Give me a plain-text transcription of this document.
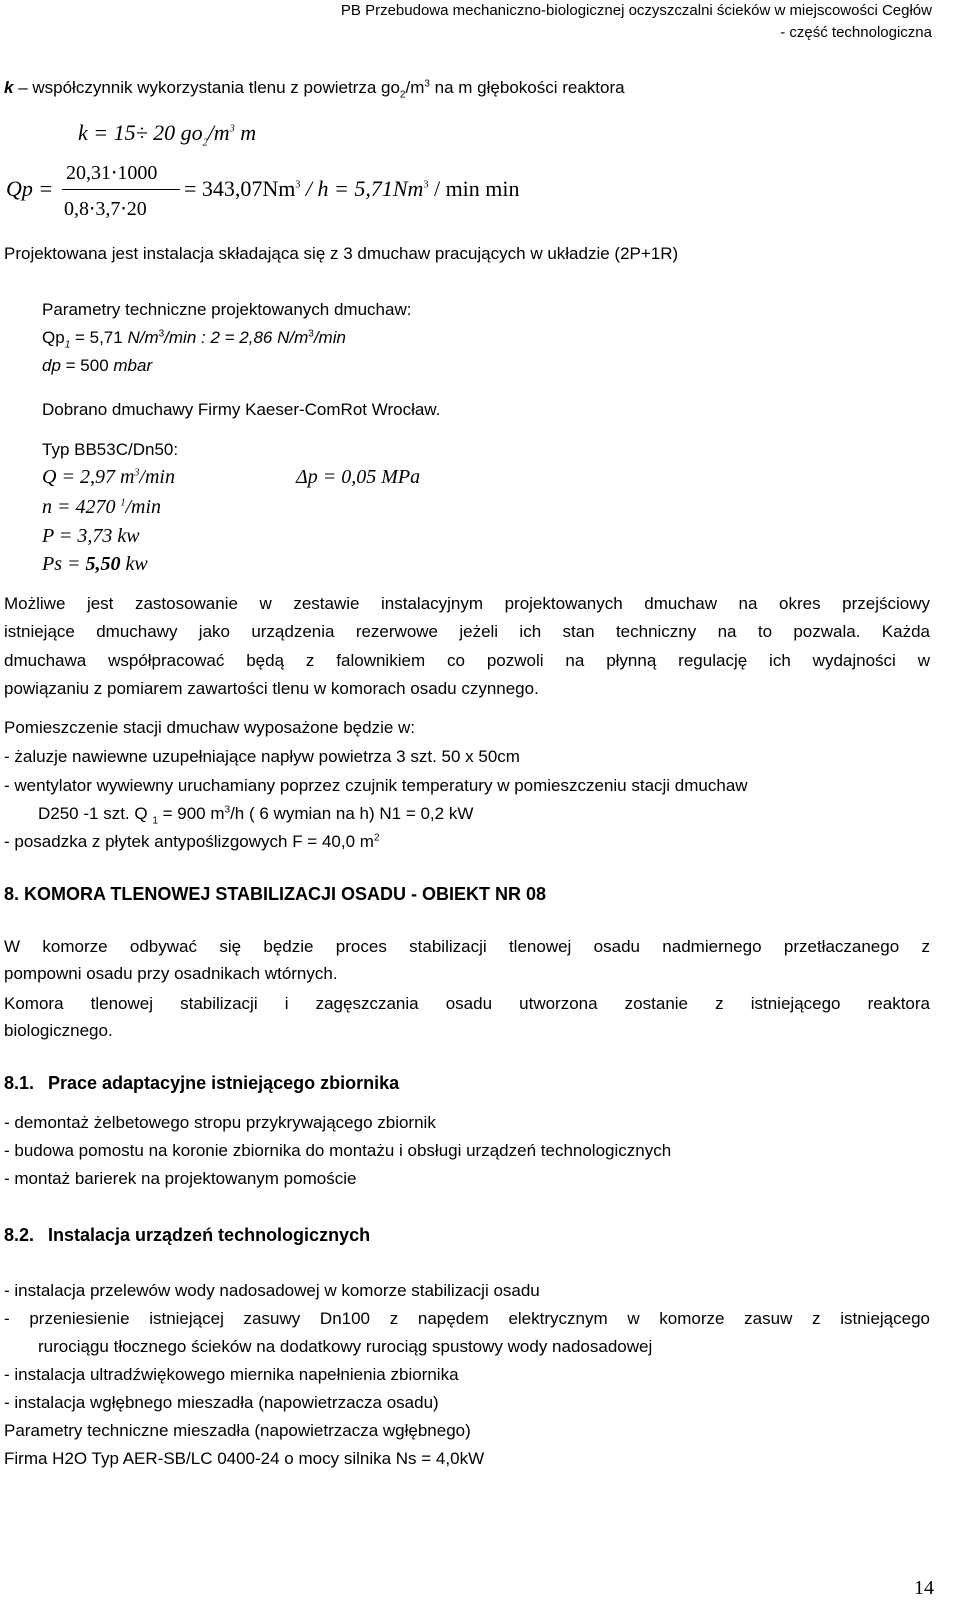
PB Przebudowa mechaniczno-biologicznej oczyszczalni ścieków w miejscowości Cegłów
- część technologiczna
k – współczynnik wykorzystania tlenu z powietrza $go_2/m^3$ na m głębokości reaktora
k = 15÷ 20 $go_2/m^3$ m
Qp =
20,31⋅1000
0,8⋅3,7⋅20
= $343,07Nm^3 / h = 5,71Nm^3 / \min \min$
Projektowana jest instalacja składająca się z 3 dmuchaw pracujących w układzie (2P+1R)
Parametry techniczne projektowanych dmuchaw:
$Qp_1 = 5,71$ $N/m^3/\min$ : 2 = 2,86 $N/m^3/\min$
dp = 500 mbar
Dobrano dmuchawy Firmy Kaeser-ComRot Wrocław.
Typ BB53C/Dn50:
Q = 2,97 $m^3/\min$	Δp = 0,05 MPa
n = 4270 $^1$/min
P = 3,73 kw
Ps = 5,50 kw
Możliwe jest zastosowanie w zestawie instalacyjnym projektowanych dmuchaw na okres przejściowy
istniejące dmuchawy jako urządzenia rezerwowe jeżeli ich stan techniczny na to pozwala. Każda
dmuchawa współpracować będą z falownikiem co pozwoli na płynną regulację ich wydajności w
powiązaniu z pomiarem zawartości tlenu w komorach osadu czynnego.
Pomieszczenie stacji dmuchaw wyposażone będzie w:
- żaluzje nawiewne uzupełniające napływ powietrza 3 szt. 50 x 50cm
- wentylator wywiewny uruchamiany poprzez czujnik temperatury w pomieszczeniu stacji dmuchaw
D250 -1 szt. Q $_1$ = 900 $m^3/h$ ( 6 wymian na h) N1 = 0,2 kW
- posadzka z płytek antypoślizgowych F = 40,0 $m^2$
8. KOMORA TLENOWEJ STABILIZACJI OSADU - OBIEKT NR 08
W komorze odbywać się będzie proces stabilizacji tlenowej osadu nadmiernego przetłaczanego z
pompowni osadu przy osadnikach wtórnych.
Komora tlenowej stabilizacji i zagęszczania osadu utworzona zostanie z istniejącego reaktora
biologicznego.
8.1. Prace adaptacyjne istniejącego zbiornika
- demontaż żelbetowego stropu przykrywającego zbiornik
- budowa pomostu na koronie zbiornika do montażu i obsługi urządzeń technologicznych
- montaż barierek na projektowanym pomoście
8.2. Instalacja urządzeń technologicznych
- instalacja przelewów wody nadosadowej w komorze stabilizacji osadu
- przeniesienie istniejącej zasuwy Dn100 z napędem elektrycznym w komorze zasuw z istniejącego
rurociągu tłocznego ścieków na dodatkowy rurociąg spustowy wody nadosadowej
- instalacja ultradźwiękowego miernika napełnienia zbiornika
- instalacja wgłębnego mieszadła (napowietrzacza osadu)
Parametry techniczne mieszadła (napowietrzacza wgłębnego)
Firma H2O Typ AER-SB/LC 0400-24 o mocy silnika Ns = 4,0kW
14
